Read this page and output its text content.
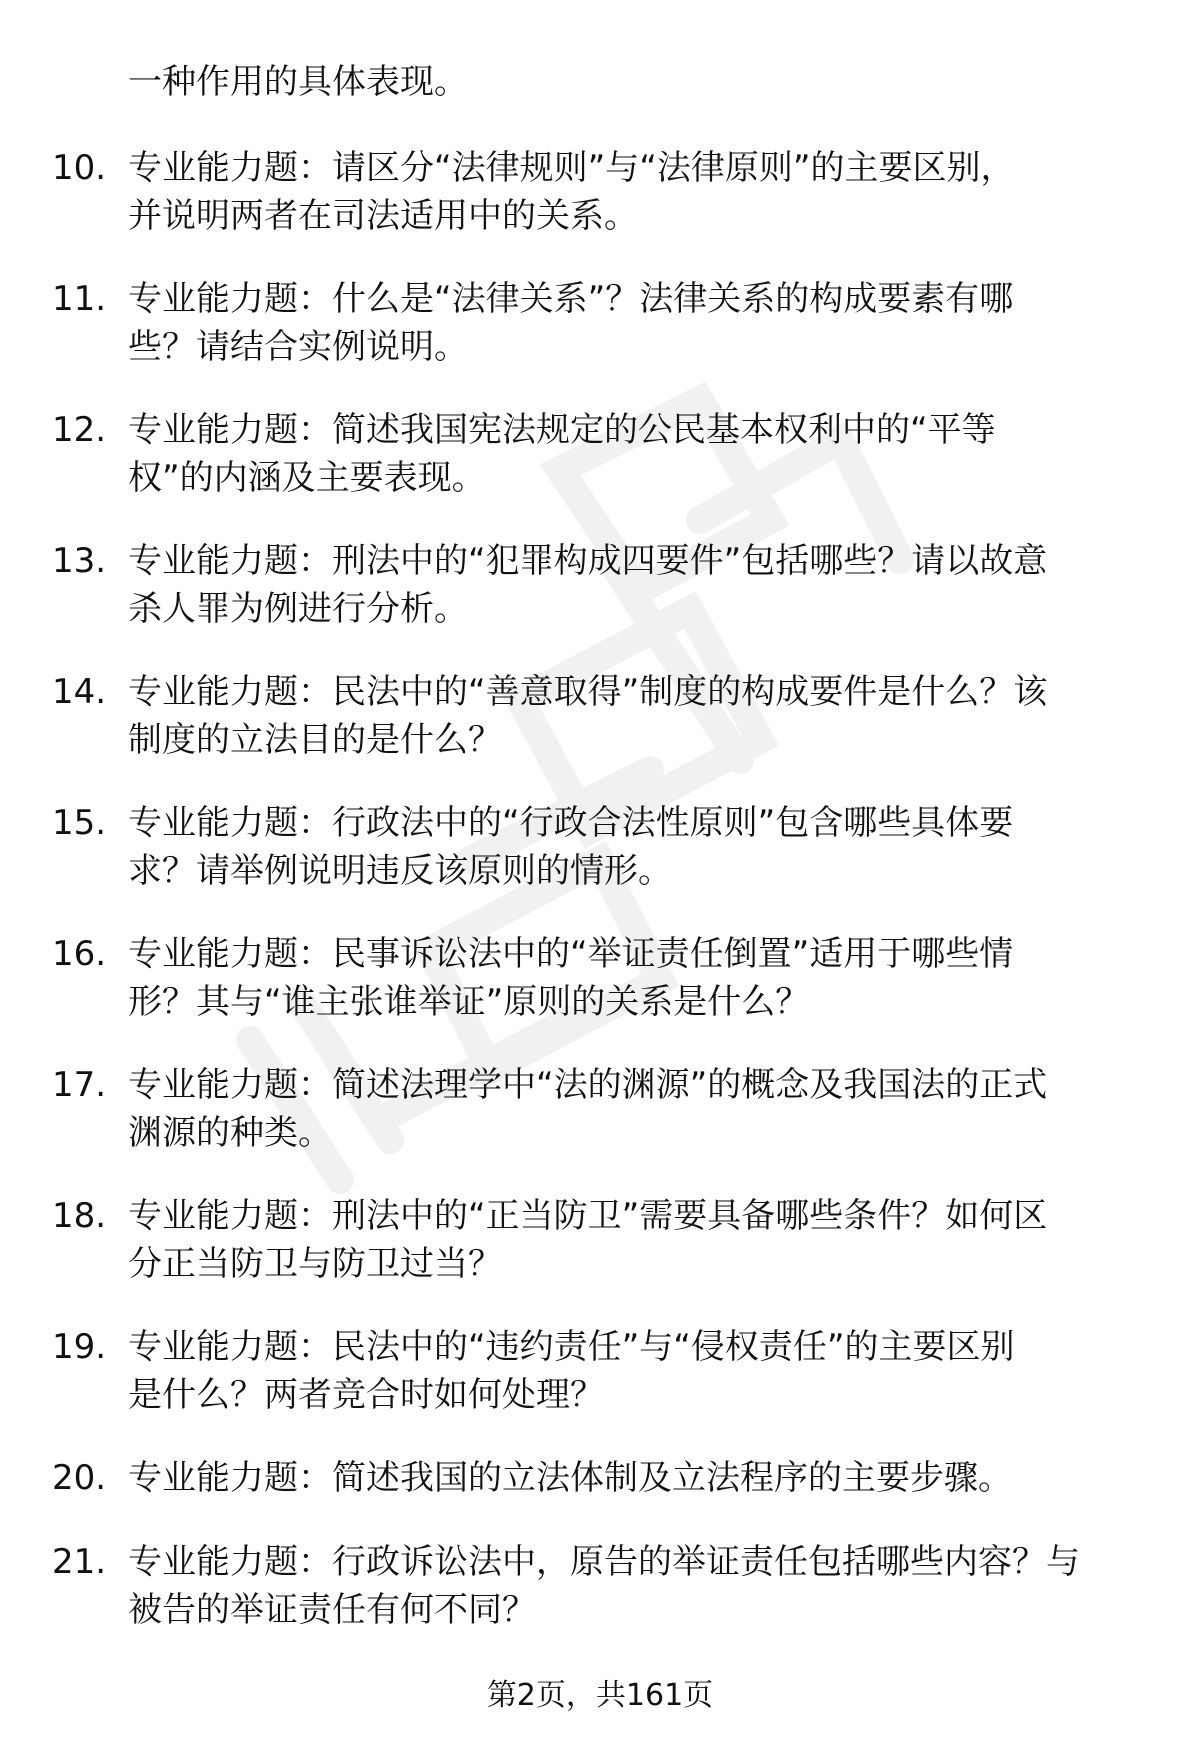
一种作用的具体表现。
10. 专业能力题：请区分“法律规则”与“法律原则”的主要区别，
并说明两者在司法适用中的关系。
11. 专业能力题：什么是“法律关系”？法律关系的构成要素有哪
些？请结合实例说明。
12. 专业能力题：简述我国宪法规定的公民基本权利中的“平等
权”的内涵及主要表现。
13. 专业能力题：刑法中的“犯罪构成四要件”包括哪些？请以故意
杀人罪为例进行分析。
14. 专业能力题：民法中的“善意取得”制度的构成要件是什么？该
制度的立法目的是什么？
15. 专业能力题：行政法中的“行政合法性原则”包含哪些具体要
求？请举例说明违反该原则的情形。
16. 专业能力题：民事诉讼法中的“举证责任倒置”适用于哪些情
形？其与“谁主张谁举证”原则的关系是什么？
17. 专业能力题：简述法理学中“法的渊源”的概念及我国法的正式
渊源的种类。
18. 专业能力题：刑法中的“正当防卫”需要具备哪些条件？如何区
分正当防卫与防卫过当？
19. 专业能力题：民法中的“违约责任”与“侵权责任”的主要区别
是什么？两者竞合时如何处理？
20. 专业能力题：简述我国的立法体制及立法程序的主要步骤。
21. 专业能力题：行政诉讼法中，原告的举证责任包括哪些内容？与
被告的举证责任有何不同？
第2页，共161页
